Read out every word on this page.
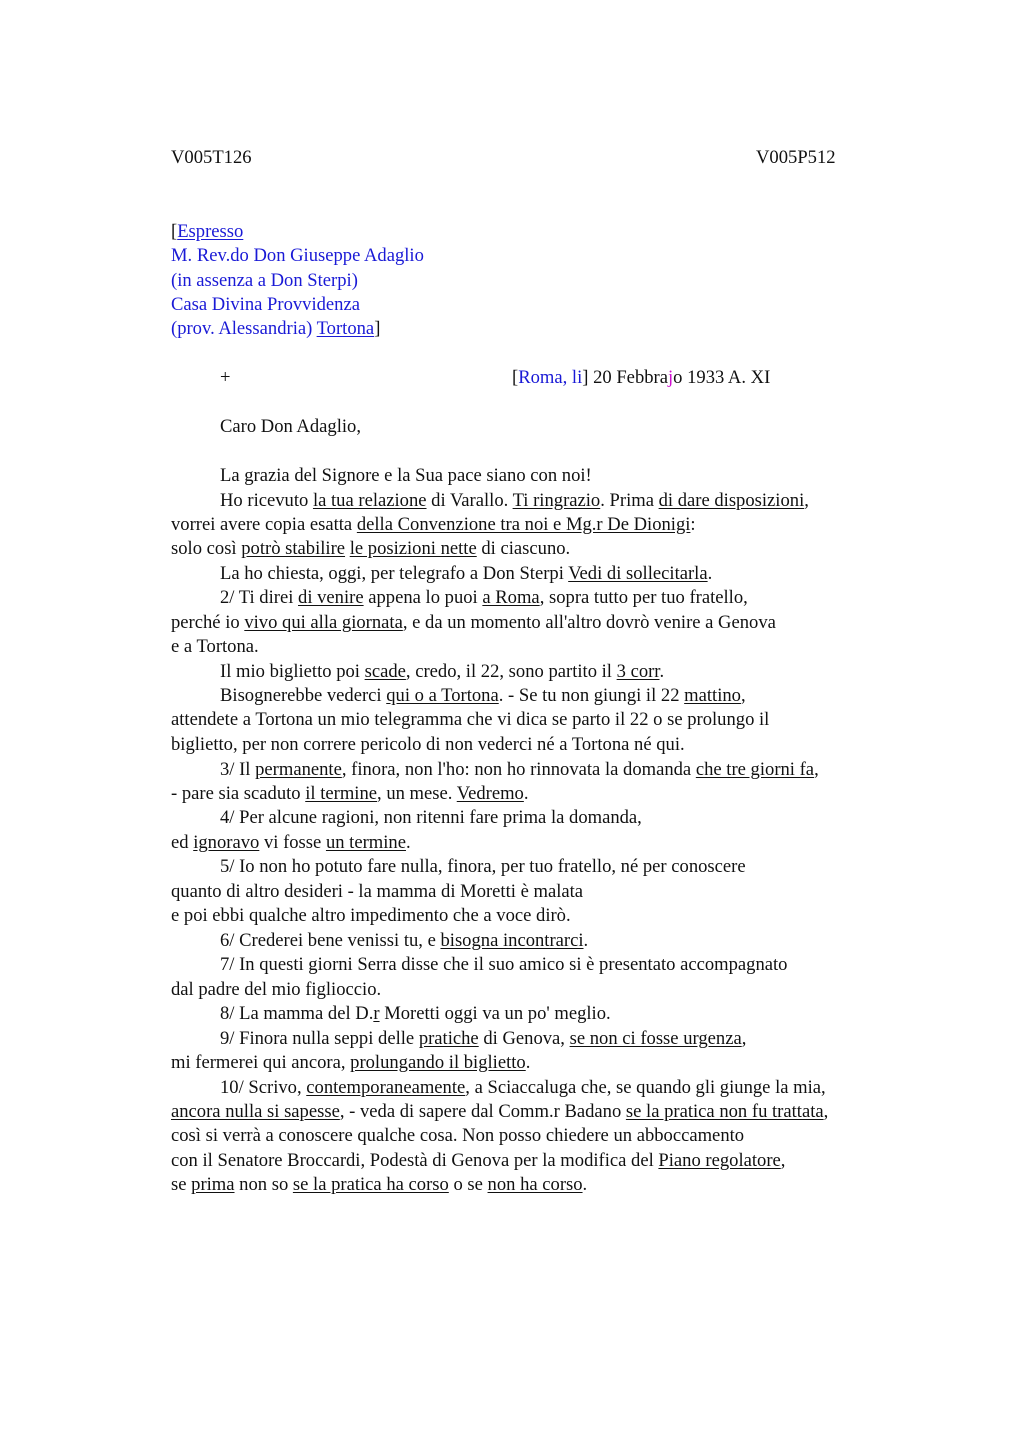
V005T126	V005P512
[Espresso
M. Rev.do Don Giuseppe Adaglio
(in assenza a Don Sterpi)
Casa Divina Provvidenza
(prov. Alessandria) Tortona]
+	[Roma, li] 20 Febbrajo 1933 A. XI
Caro Don Adaglio,
La grazia del Signore e la Sua pace siano con noi!
Ho ricevuto la tua relazione di Varallo. Ti ringrazio. Prima di dare disposizioni,
vorrei avere copia esatta della Convenzione tra noi e Mg.r De Dionigi:
solo così potrò stabilire le posizioni nette di ciascuno.
La ho chiesta, oggi, per telegrafo a Don Sterpi Vedi di sollecitarla.
2/ Ti direi di venire appena lo puoi a Roma, sopra tutto per tuo fratello,
perché io vivo qui alla giornata, e da un momento all'altro dovrò venire a Genova
e a Tortona.
Il mio biglietto poi scade, credo, il 22, sono partito il 3 corr.
Bisognerebbe vederci qui o a Tortona. - Se tu non giungi il 22 mattino,
attendete a Tortona un mio telegramma che vi dica se parto il 22 o se prolungo il
biglietto, per non correre pericolo di non vederci né a Tortona né qui.
3/ Il permanente, finora, non l'ho: non ho rinnovata la domanda che tre giorni fa,
- pare sia scaduto il termine, un mese. Vedremo.
4/ Per alcune ragioni, non ritenni fare prima la domanda,
ed ignoravo vi fosse un termine.
5/ Io non ho potuto fare nulla, finora, per tuo fratello, né per conoscere
quanto di altro desideri - la mamma di Moretti è malata
e poi ebbi qualche altro impedimento che a voce dirò.
6/ Crederei bene venissi tu, e bisogna incontrarci.
7/ In questi giorni Serra disse che il suo amico si è presentato accompagnato
dal padre del mio figlioccio.
8/ La mamma del D.r Moretti oggi va un po' meglio.
9/ Finora nulla seppi delle pratiche di Genova, se non ci fosse urgenza,
mi fermerei qui ancora, prolungando il biglietto.
10/ Scrivo, contemporaneamente, a Sciaccaluga che, se quando gli giunge la mia,
ancora nulla si sapesse, - veda di sapere dal Comm.r Badano se la pratica non fu trattata,
così si verrà a conoscere qualche cosa. Non posso chiedere un abboccamento
con il Senatore Broccardi, Podestà di Genova per la modifica del Piano regolatore,
se prima non so se la pratica ha corso o se non ha corso.
